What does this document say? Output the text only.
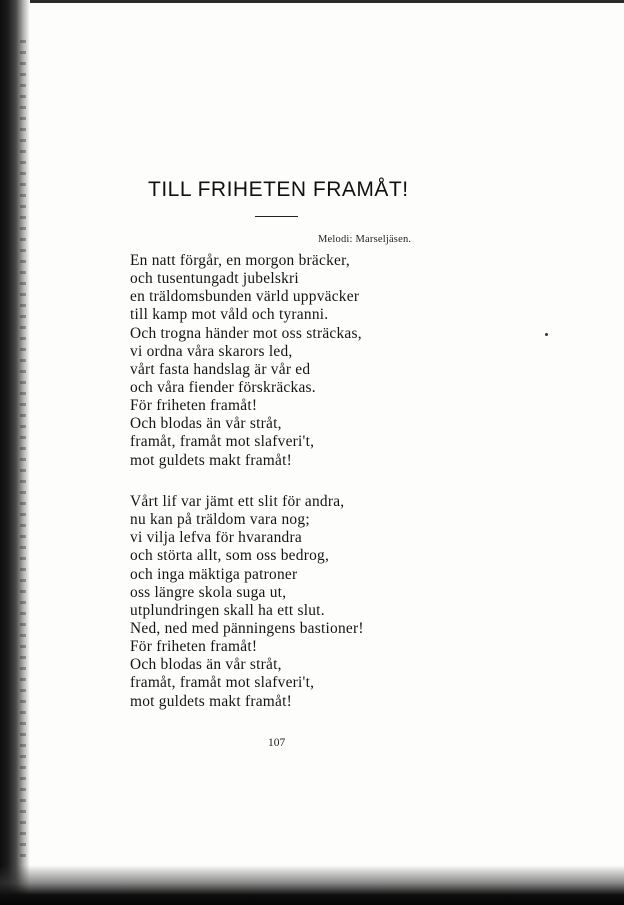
TILL FRIHETEN FRAMÅT!
Melodi: Marseljäsen.
En natt förgår, en morgon bräcker,
och tusentungadt jubelskri
en träldomsbunden värld uppväcker
till kamp mot våld och tyranni.
Och trogna händer mot oss sträckas,
vi ordna våra skarors led,
vårt fasta handslag är vår ed
och våra fiender förskräckas.
För friheten framåt!
Och blodas än vår stråt,
framåt, framåt mot slafveri't,
mot guldets makt framåt!
Vårt lif var jämt ett slit för andra,
nu kan på träldom vara nog;
vi vilja lefva för hvarandra
och störta allt, som oss bedrog,
och inga mäktiga patroner
oss längre skola suga ut,
utplundringen skall ha ett slut.
Ned, ned med pänningens bastioner!
För friheten framåt!
Och blodas än vår stråt,
framåt, framåt mot slafveri't,
mot guldets makt framåt!
107
